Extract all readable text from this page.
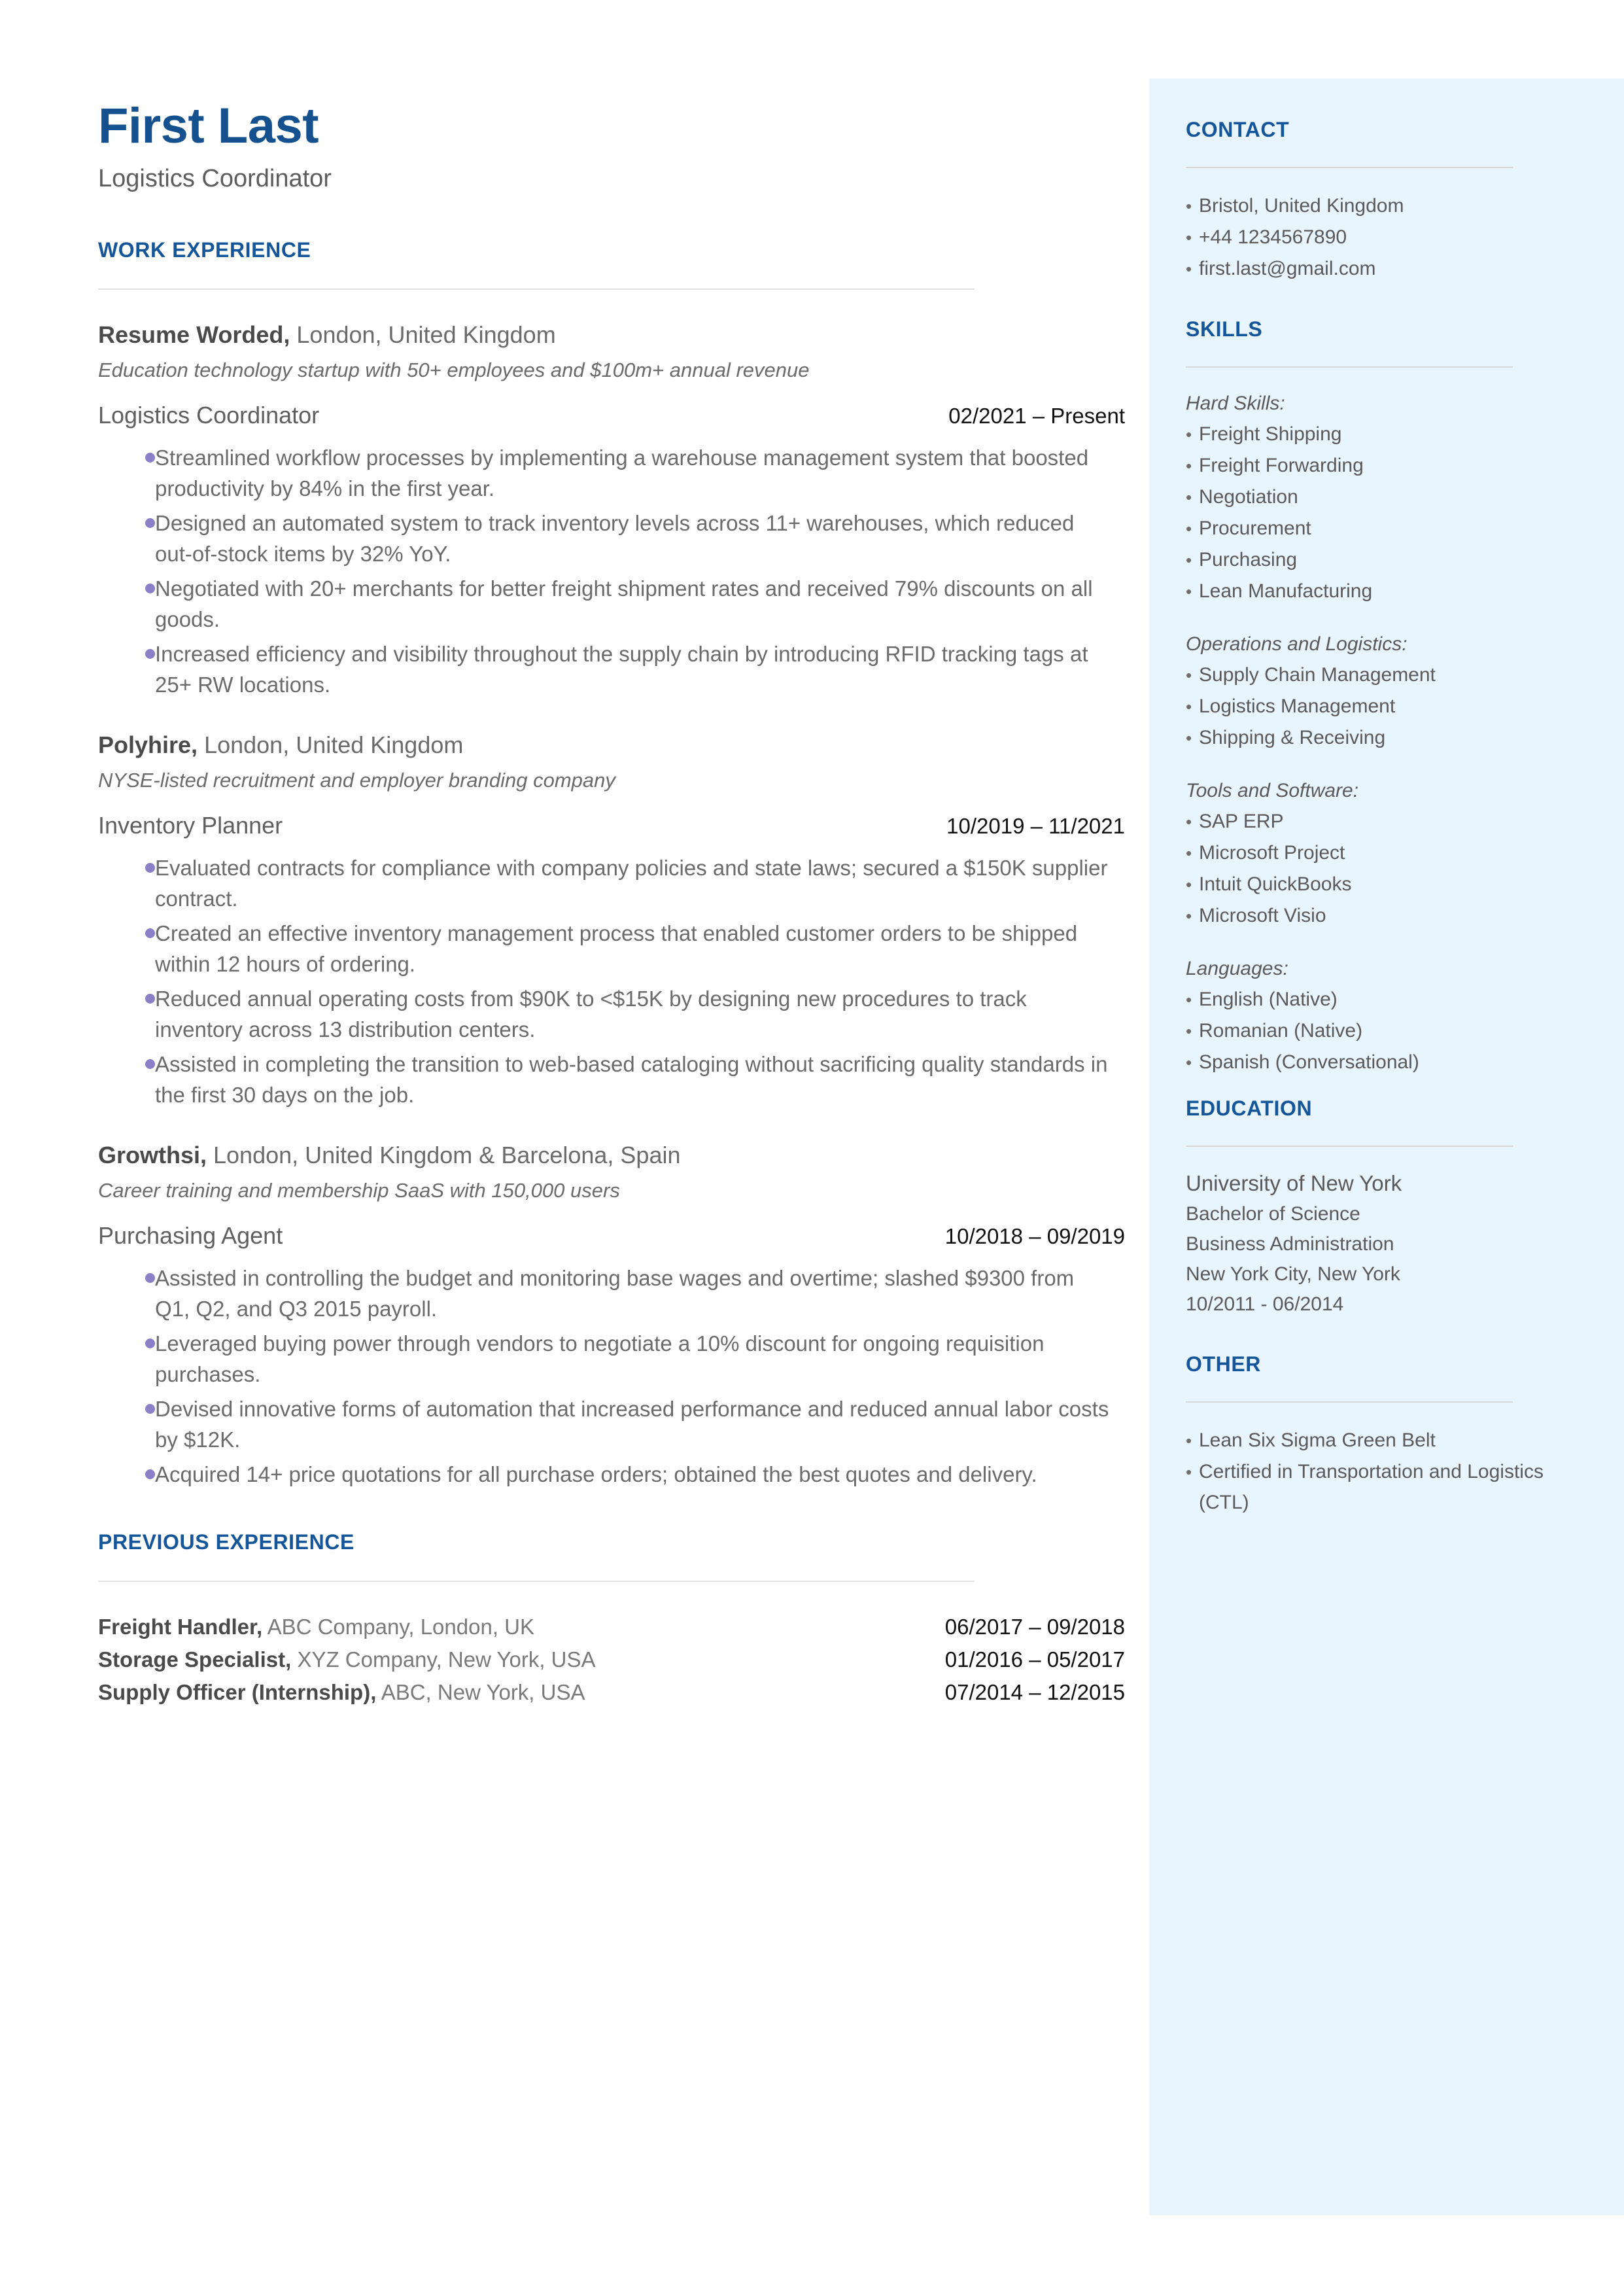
CONTACT
• Bristol, United Kingdom
• +44 1234567890
• first.last@gmail.com
SKILLS
Hard Skills:
• Freight Shipping
• Freight Forwarding
• Negotiation
• Procurement
• Purchasing
• Lean Manufacturing
Operations and Logistics:
• Supply Chain Management
• Logistics Management
• Shipping & Receiving
Tools and Software:
• SAP ERP
• Microsoft Project
• Intuit QuickBooks
• Microsoft Visio
Languages:
• English (Native)
• Romanian (Native)
• Spanish (Conversational)
EDUCATION
University of New York
Bachelor of Science
Business Administration
New York City, New York
10/2011 - 06/2014
OTHER
• Lean Six Sigma Green Belt
• Certified in Transportation and Logistics (CTL)
First Last
Logistics Coordinator
WORK EXPERIENCE
Resume Worded, London, United Kingdom
Education technology startup with 50+ employees and $100m+ annual revenue
Logistics Coordinator	02/2021 – Present
Streamlined workflow processes by implementing a warehouse management system that boosted productivity by 84% in the first year.
Designed an automated system to track inventory levels across 11+ warehouses, which reduced out-of-stock items by 32% YoY.
Negotiated with 20+ merchants for better freight shipment rates and received 79% discounts on all goods.
Increased efficiency and visibility throughout the supply chain by introducing RFID tracking tags at 25+ RW locations.
Polyhire, London, United Kingdom
NYSE-listed recruitment and employer branding company
Inventory Planner	10/2019 – 11/2021
Evaluated contracts for compliance with company policies and state laws; secured a $150K supplier contract.
Created an effective inventory management process that enabled customer orders to be shipped within 12 hours of ordering.
Reduced annual operating costs from $90K to <$15K by designing new procedures to track inventory across 13 distribution centers.
Assisted in completing the transition to web-based cataloging without sacrificing quality standards in the first 30 days on the job.
Growthsi, London, United Kingdom & Barcelona, Spain
Career training and membership SaaS with 150,000 users
Purchasing Agent	10/2018 – 09/2019
Assisted in controlling the budget and monitoring base wages and overtime; slashed $9300 from Q1, Q2, and Q3 2015 payroll.
Leveraged buying power through vendors to negotiate a 10% discount for ongoing requisition purchases.
Devised innovative forms of automation that increased performance and reduced annual labor costs by $12K.
Acquired 14+ price quotations for all purchase orders; obtained the best quotes and delivery.
PREVIOUS EXPERIENCE
Freight Handler, ABC Company, London, UK	06/2017 – 09/2018
Storage Specialist, XYZ Company, New York, USA	01/2016 – 05/2017
Supply Officer (Internship), ABC, New York, USA	07/2014 – 12/2015
